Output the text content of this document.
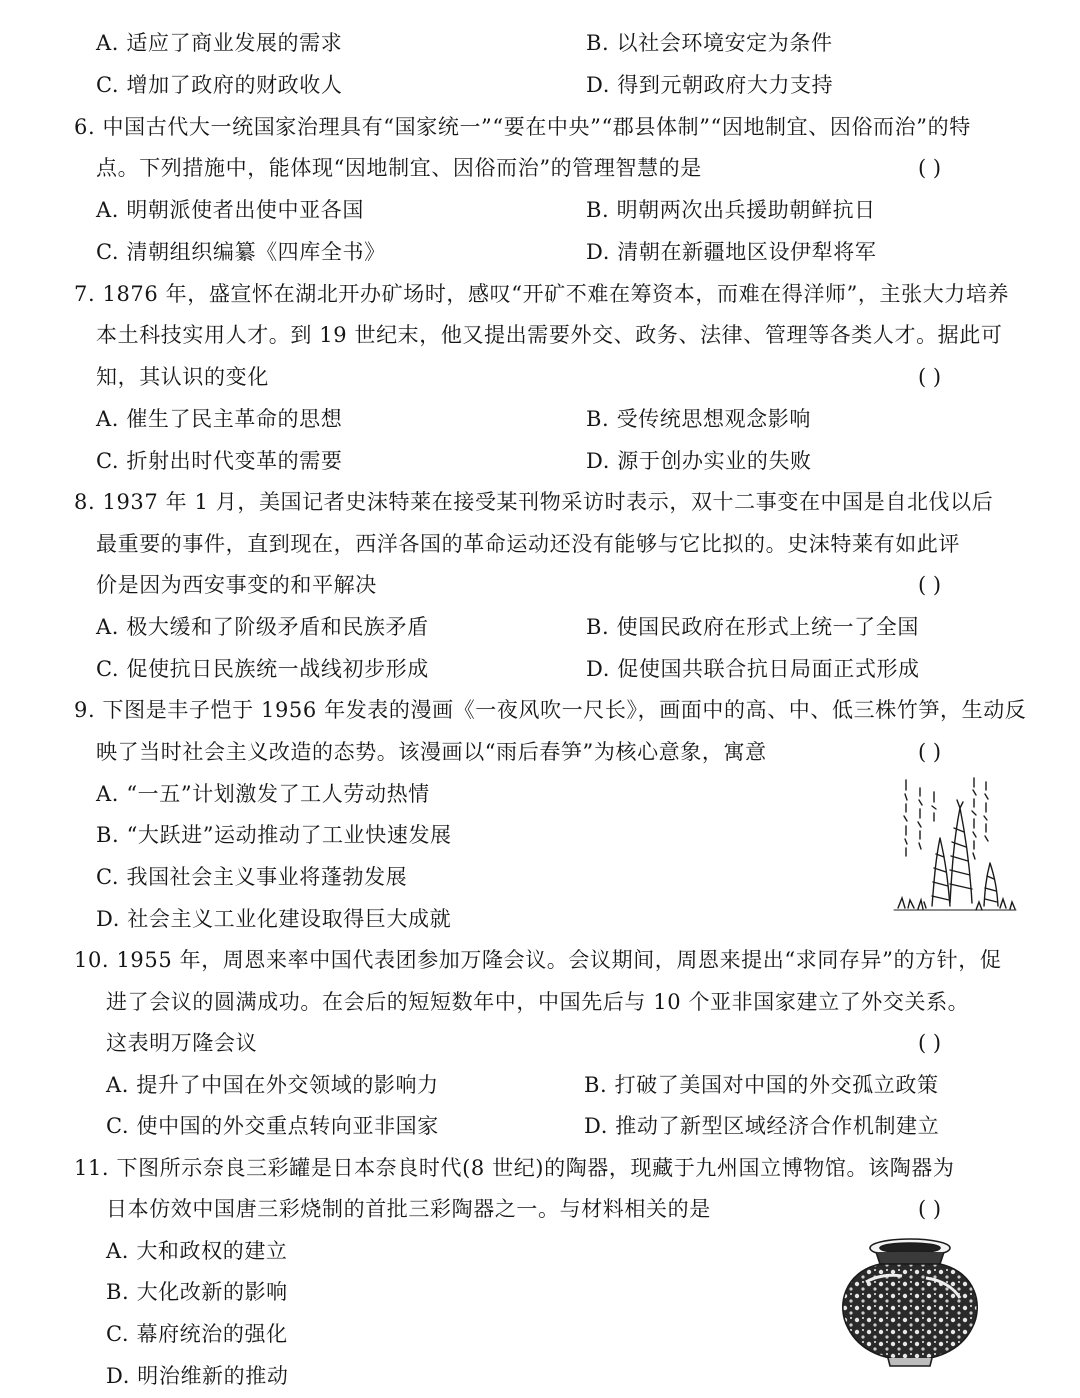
A. 适应了商业发展的需求	B. 以社会环境安定为条件
C. 增加了政府的财政收人	D. 得到元朝政府大力支持
6. 中国古代大一统国家治理具有“国家统一”“要在中央”“郡县体制”“因地制宜、因俗而治”的特
点。下列措施中，能体现“因地制宜、因俗而治”的管理智慧的是	( )
A. 明朝派使者出使中亚各国	B. 明朝两次出兵援助朝鲜抗日
C. 清朝组织编纂《四库全书》	D. 清朝在新疆地区设伊犁将军
7. 1876 年，盛宣怀在湖北开办矿场时，感叹“开矿不难在筹资本，而难在得洋师”，主张大力培养
本土科技实用人才。到 19 世纪末，他又提出需要外交、政务、法律、管理等各类人才。据此可
知，其认识的变化	( )
A. 催生了民主革命的思想	B. 受传统思想观念影响
C. 折射出时代变革的需要	D. 源于创办实业的失败
8. 1937 年 1 月，美国记者史沫特莱在接受某刊物采访时表示，双十二事变在中国是自北伐以后
最重要的事件，直到现在，西洋各国的革命运动还没有能够与它比拟的。史沫特莱有如此评
价是因为西安事变的和平解决	( )
A. 极大缓和了阶级矛盾和民族矛盾	B. 使国民政府在形式上统一了全国
C. 促使抗日民族统一战线初步形成	D. 促使国共联合抗日局面正式形成
9. 下图是丰子恺于 1956 年发表的漫画《一夜风吹一尺长》，画面中的高、中、低三株竹笋，生动反
映了当时社会主义改造的态势。该漫画以“雨后春笋”为核心意象，寓意	( )
A. “一五”计划激发了工人劳动热情
B. “大跃进”运动推动了工业快速发展
C. 我国社会主义事业将蓬勃发展
D. 社会主义工业化建设取得巨大成就
10. 1955 年，周恩来率中国代表团参加万隆会议。会议期间，周恩来提出“求同存异”的方针，促
进了会议的圆满成功。在会后的短短数年中，中国先后与 10 个亚非国家建立了外交关系。
这表明万隆会议	( )
A. 提升了中国在外交领域的影响力	B. 打破了美国对中国的外交孤立政策
C. 使中国的外交重点转向亚非国家	D. 推动了新型区域经济合作机制建立
11. 下图所示奈良三彩罐是日本奈良时代(8 世纪)的陶器，现藏于九州国立博物馆。该陶器为
日本仿效中国唐三彩烧制的首批三彩陶器之一。与材料相关的是	( )
A. 大和政权的建立
B. 大化改新的影响
C. 幕府统治的强化
D. 明治维新的推动
